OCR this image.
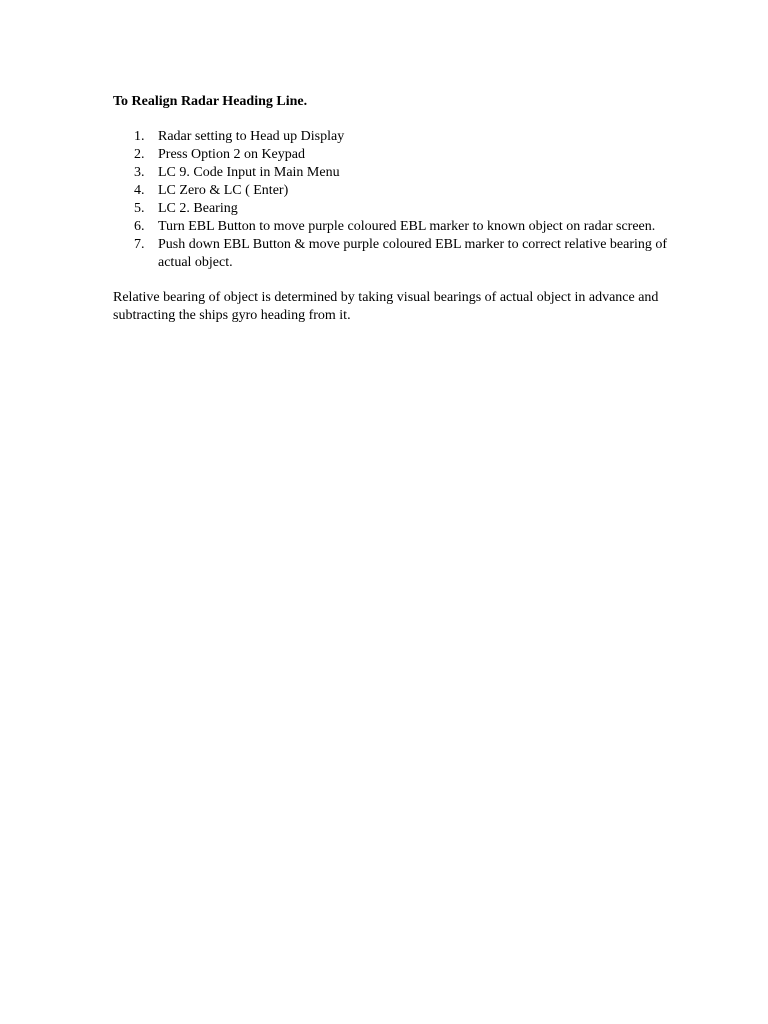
To Realign Radar Heading Line.
1. Radar setting to Head up Display
2. Press Option 2 on Keypad
3. LC 9. Code Input in Main Menu
4. LC Zero & LC ( Enter)
5. LC 2. Bearing
6. Turn EBL Button to move purple coloured EBL marker to known object on radar screen.
7. Push down EBL Button & move purple coloured EBL marker to correct relative bearing of actual object.

Relative bearing of object is determined by taking visual bearings of actual object in advance and subtracting the ships gyro heading from it.
